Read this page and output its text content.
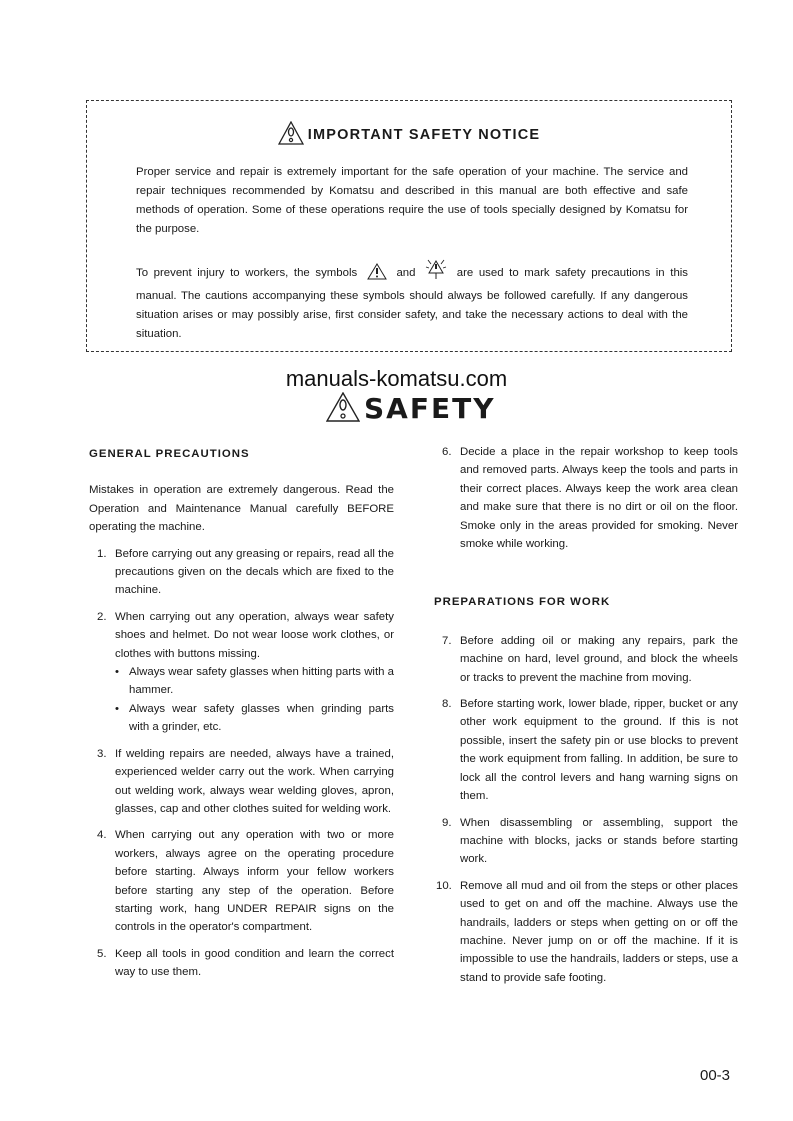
IMPORTANT SAFETY NOTICE

Proper service and repair is extremely important for the safe operation of your machine. The service and repair techniques recommended by Komatsu and described in this manual are both effective and safe methods of operation. Some of these operations require the use of tools specially designed by Komatsu for the purpose.

To prevent injury to workers, the symbols	and	are used to mark safety precautions in this manual. The cautions accompanying these symbols should always be followed carefully. If any dangerous situation arises or may possibly arise, first consider safety, and take the necessary actions to deal with the situation.

manuals-komatsu.com
SAFETY

GENERAL PRECAUTIONS

Mistakes in operation are extremely dangerous. Read the Operation and Maintenance Manual carefully BEFORE operating the machine.

1. Before carrying out any greasing or repairs, read all the precautions given on the decals which are fixed to the machine.
2. When carrying out any operation, always wear safety shoes and helmet. Do not wear loose work clothes, or clothes with buttons missing.
• Always wear safety glasses when hitting parts with a hammer.
• Always wear safety glasses when grinding parts with a grinder, etc.
3. If welding repairs are needed, always have a trained, experienced welder carry out the work. When carrying out welding work, always wear welding gloves, apron, glasses, cap and other clothes suited for welding work.
4. When carrying out any operation with two or more workers, always agree on the operating procedure before starting. Always inform your fellow workers before starting any step of the operation. Before starting work, hang UNDER REPAIR signs on the controls in the operator's compartment.
5. Keep all tools in good condition and learn the correct way to use them.
6. Decide a place in the repair workshop to keep tools and removed parts. Always keep the tools and parts in their correct places. Always keep the work area clean and make sure that there is no dirt or oil on the floor. Smoke only in the areas provided for smoking. Never smoke while working.

PREPARATIONS FOR WORK

7. Before adding oil or making any repairs, park the machine on hard, level ground, and block the wheels or tracks to prevent the machine from moving.
8. Before starting work, lower blade, ripper, bucket or any other work equipment to the ground. If this is not possible, insert the safety pin or use blocks to prevent the work equipment from falling. In addition, be sure to lock all the control levers and hang warning signs on them.
9. When disassembling or assembling, support the machine with blocks, jacks or stands before starting work.
10. Remove all mud and oil from the steps or other places used to get on and off the machine. Always use the handrails, ladders or steps when getting on or off the machine. Never jump on or off the machine. If it is impossible to use the handrails, ladders or steps, use a stand to provide safe footing.
00-3
